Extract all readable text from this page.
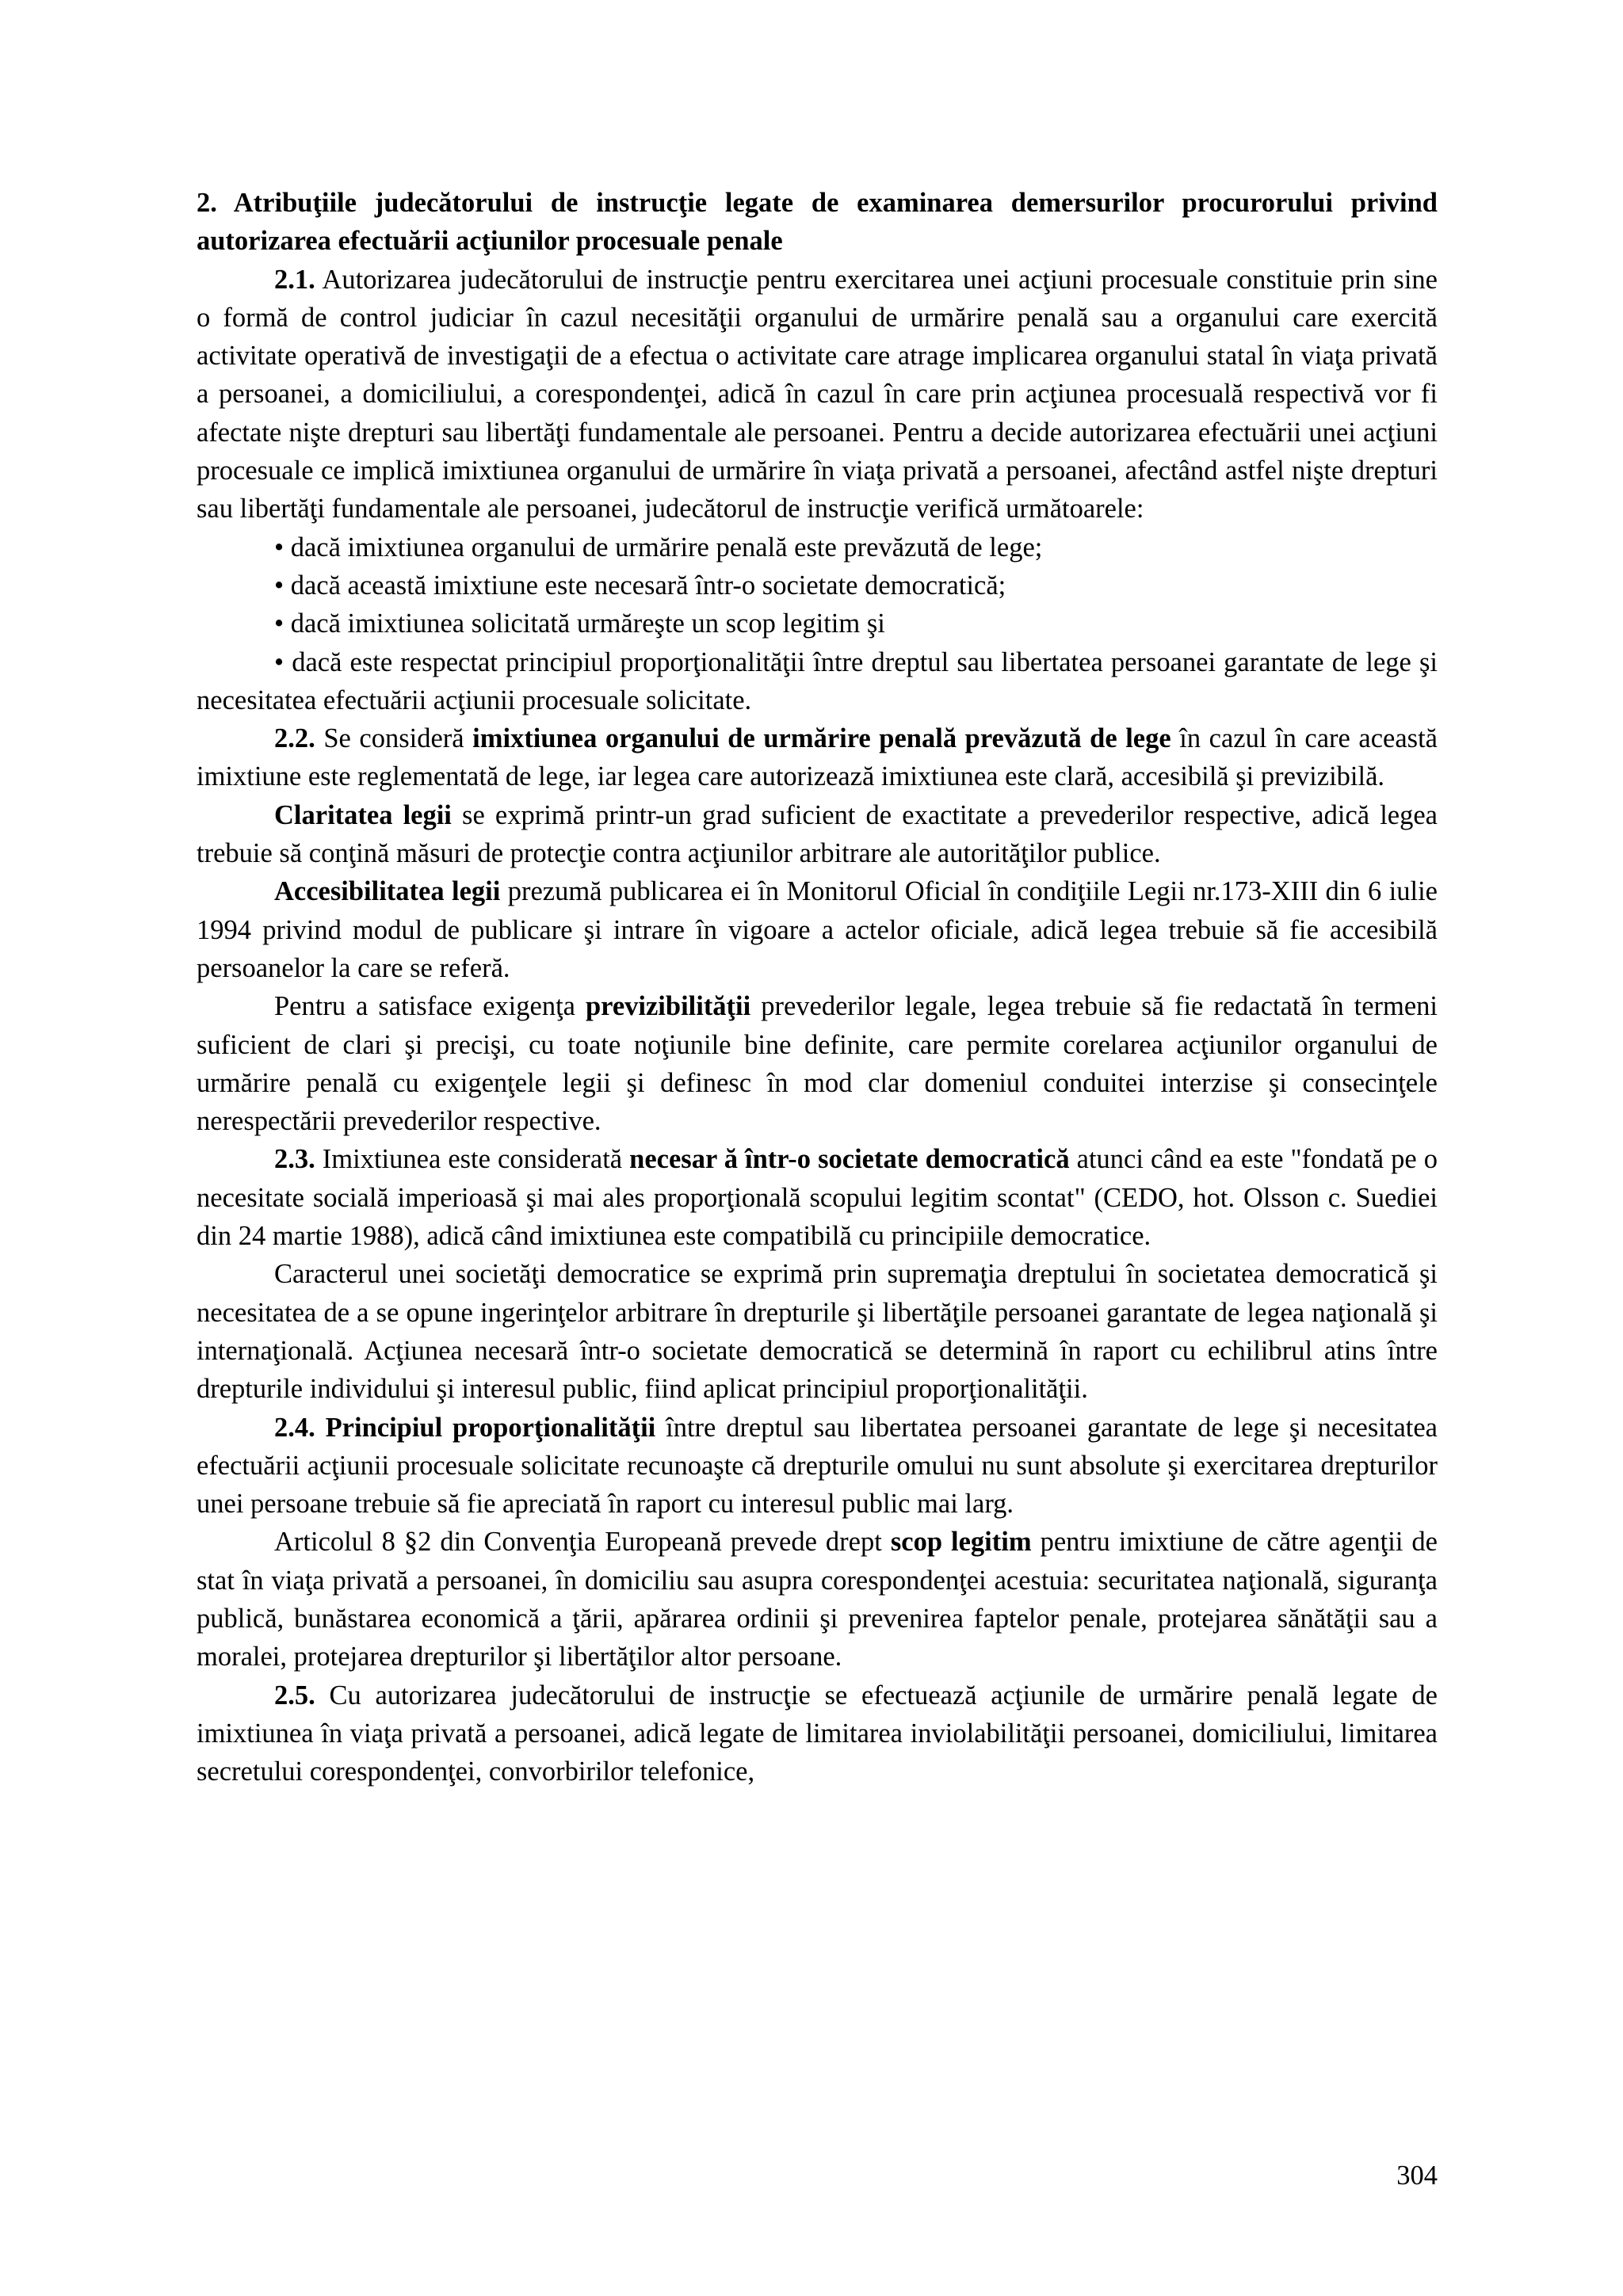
2. Atribuţiile judecătorului de instrucţie legate de examinarea demersurilor procurorului privind autorizarea efectuării acţiunilor procesuale penale

2.1. Autorizarea judecătorului de instrucţie pentru exercitarea unei acţiuni procesuale constituie prin sine o formă de control judiciar în cazul necesităţii organului de urmărire penală sau a organului care exercită activitate operativă de investigaţii de a efectua o activitate care atrage implicarea organului statal în viaţa privată a persoanei, a domiciliului, a corespondenţei, adică în cazul în care prin acţiunea procesuală respectivă vor fi afectate nişte drepturi sau libertăţi fundamentale ale persoanei. Pentru a decide autorizarea efectuării unei acţiuni procesuale ce implică imixtiunea organului de urmărire în viaţa privată a persoanei, afectând astfel nişte drepturi sau libertăţi fundamentale ale persoanei, judecătorul de instrucţie verifică următoarele:

• dacă imixtiunea organului de urmărire penală este prevăzută de lege;

• dacă această imixtiune este necesară într-o societate democratică;

• dacă imixtiunea solicitată urmăreşte un scop legitim şi

• dacă este respectat principiul proporţionalităţii între dreptul sau libertatea persoanei garantate de lege şi necesitatea efectuării acţiunii procesuale solicitate.

2.2. Se consideră imixtiunea organului de urmărire penală prevăzută de lege în cazul în care această imixtiune este reglementată de lege, iar legea care autorizează imixtiunea este clară, accesibilă şi previzibilă.

Claritatea legii se exprimă printr-un grad suficient de exactitate a prevederilor respective, adică legea trebuie să conţină măsuri de protecţie contra acţiunilor arbitrare ale autorităţilor publice.

Accesibilitatea legii prezumă publicarea ei în Monitorul Oficial în condiţiile Legii nr.173-XIII din 6 iulie 1994 privind modul de publicare şi intrare în vigoare a actelor oficiale, adică legea trebuie să fie accesibilă persoanelor la care se referă.

Pentru a satisface exigenţa previzibilităţii prevederilor legale, legea trebuie să fie redactată în termeni suficient de clari şi precişi, cu toate noţiunile bine definite, care permite corelarea acţiunilor organului de urmărire penală cu exigenţele legii şi definesc în mod clar domeniul conduitei interzise şi consecinţele nerespectării prevederilor respective.

2.3. Imixtiunea este considerată necesar ă într-o societate democratică atunci când ea este "fondată pe o necesitate socială imperioasă şi mai ales proporţională scopului legitim scontat" (CEDO, hot. Olsson c. Suediei din 24 martie 1988), adică când imixtiunea este compatibilă cu principiile democratice.

Caracterul unei societăţi democratice se exprimă prin supremaţia dreptului în societatea democratică şi necesitatea de a se opune ingerinţelor arbitrare în drepturile şi libertăţile persoanei garantate de legea naţională şi internaţională. Acţiunea necesară într-o societate democratică se determină în raport cu echilibrul atins între drepturile individului şi interesul public, fiind aplicat principiul proporţionalităţii.

2.4. Principiul proporţionalităţii între dreptul sau libertatea persoanei garantate de lege şi necesitatea efectuării acţiunii procesuale solicitate recunoaşte că drepturile omului nu sunt absolute şi exercitarea drepturilor unei persoane trebuie să fie apreciată în raport cu interesul public mai larg.

Articolul 8 §2 din Convenţia Europeană prevede drept scop legitim pentru imixtiune de către agenţii de stat în viaţa privată a persoanei, în domiciliu sau asupra corespondenţei acestuia: securitatea naţională, siguranţa publică, bunăstarea economică a ţării, apărarea ordinii şi prevenirea faptelor penale, protejarea sănătăţii sau a moralei, protejarea drepturilor şi libertăţilor altor persoane.

2.5. Cu autorizarea judecătorului de instrucţie se efectuează acţiunile de urmărire penală legate de imixtiunea în viaţa privată a persoanei, adică legate de limitarea inviolabilităţii persoanei, domiciliului, limitarea secretului corespondenţei, convorbirilor telefonice,

304
